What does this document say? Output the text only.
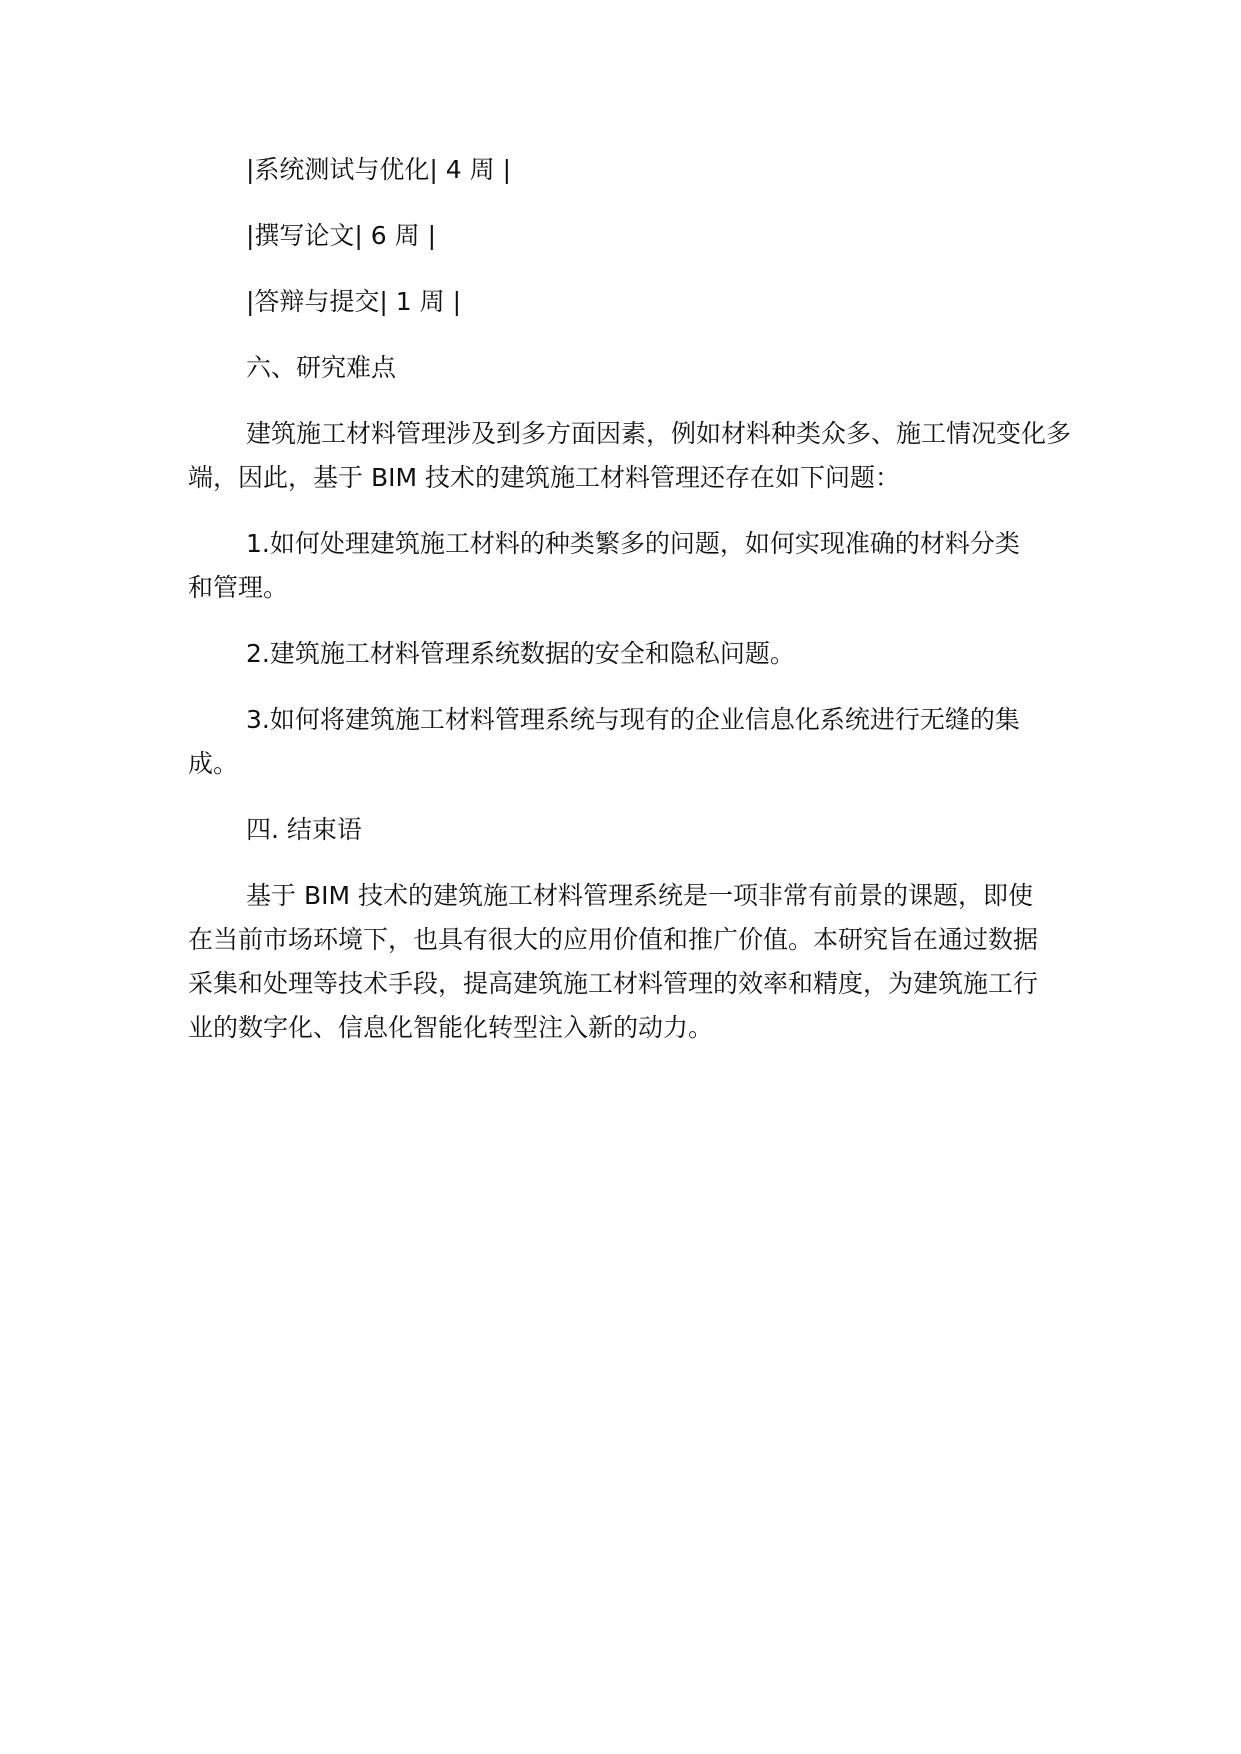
|系统测试与优化| 4 周 |

|撰写论文| 6 周 |

|答辩与提交| 1 周 |

六、研究难点

建筑施工材料管理涉及到多方面因素，例如材料种类众多、施工情况变化多端，因此，基于 BIM 技术的建筑施工材料管理还存在如下问题：

1.如何处理建筑施工材料的种类繁多的问题，如何实现准确的材料分类和管理。

2.建筑施工材料管理系统数据的安全和隐私问题。

3.如何将建筑施工材料管理系统与现有的企业信息化系统进行无缝的集成。

四. 结束语

基于 BIM 技术的建筑施工材料管理系统是一项非常有前景的课题，即使在当前市场环境下，也具有很大的应用价值和推广价值。本研究旨在通过数据采集和处理等技术手段，提高建筑施工材料管理的效率和精度，为建筑施工行业的数字化、信息化智能化转型注入新的动力。
